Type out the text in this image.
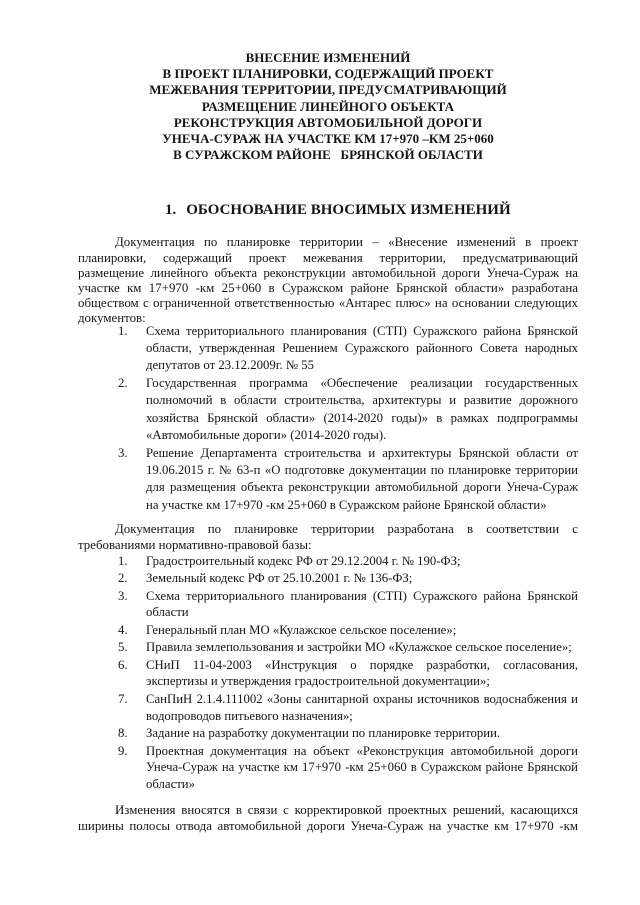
ВНЕСЕНИЕ ИЗМЕНЕНИЙ
В ПРОЕКТ ПЛАНИРОВКИ, СОДЕРЖАЩИЙ ПРОЕКТ
МЕЖЕВАНИЯ ТЕРРИТОРИИ, ПРЕДУСМАТРИВАЮЩИЙ
РАЗМЕЩЕНИЕ ЛИНЕЙНОГО ОБЪЕКТА
РЕКОНСТРУКЦИЯ АВТОМОБИЛЬНОЙ ДОРОГИ
УНЕЧА-СУРАЖ НА УЧАСТКЕ КМ 17+970 –КМ 25+060
В СУРАЖСКОМ РАЙОНЕ   БРЯНСКОЙ ОБЛАСТИ
1. ОБОСНОВАНИЕ ВНОСИМЫХ ИЗМЕНЕНИЙ

Документация по планировке территории – «Внесение изменений в проект планировки, содержащий проект межевания территории, предусматривающий размещение линейного объекта реконструкции автомобильной дороги Унеча-Сураж на участке км 17+970 -км 25+060 в Суражском районе Брянской области» разработана обществом с ограниченной ответственностью «Антарес плюс» на основании следующих документов:

1.	Схема территориального планирования (СТП) Суражского района Брянской области, утвержденная Решением Суражского районного Совета народных депутатов от 23.12.2009г. № 55
2.	Государственная программа «Обеспечение реализации государственных полномочий в области строительства, архитектуры и развитие дорожного хозяйства Брянской области» (2014-2020 годы)» в рамках подпрограммы «Автомобильные дороги» (2014-2020 годы).
3.	Решение Департамента строительства и архитектуры Брянской области от 19.06.2015 г. № 63-п «О подготовке документации по планировке территории для размещения объекта реконструкции автомобильной дороги Унеча-Сураж на участке км 17+970 -км 25+060 в Суражском районе Брянской области»

Документация по планировке территории разработана в соответствии с требованиями нормативно-правовой базы:

1.	Градостроительный кодекс РФ от 29.12.2004 г. № 190-ФЗ;
2.	Земельный кодекс РФ от 25.10.2001 г. № 136-ФЗ;
3.	Схема территориального планирования (СТП) Суражского района Брянской области
4.	Генеральный план МО «Кулажское сельское поселение»;
5.	Правила землепользования и застройки МО «Кулажское сельское поселение»;
6.	СНиП 11-04-2003 «Инструкция о порядке разработки, согласования, экспертизы и утверждения градостроительной документации»;
7.	СанПиН 2.1.4.111002 «Зоны санитарной охраны источников водоснабжения и водопроводов питьевого назначения»;
8.	Задание на разработку документации по планировке территории.
9.	Проектная документация на объект «Реконструкция автомобильной дороги Унеча-Сураж на участке км 17+970 -км 25+060 в Суражском районе Брянской области»

Изменения вносятся в связи с корректировкой проектных решений, касающихся ширины полосы отвода автомобильной дороги Унеча-Сураж на участке км 17+970 -км
